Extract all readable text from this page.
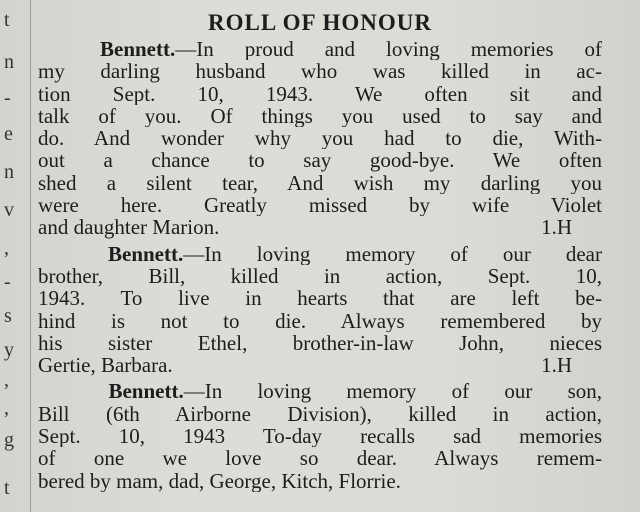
t
n
-
e
n
v
,
-
s
y
,
,
g
t
ROLL OF HONOUR
Bennett.—In proud and loving memories of
my darling husband who was killed in ac-
tion Sept. 10, 1943. We often sit and
talk of you. Of things you used to say and
do. And wonder why you had to die, With-
out a chance to say good-bye. We often
shed a silent tear, And wish my darling you
were here. Greatly missed by wife Violet
and daughter Marion.	1.H
Bennett.—In loving memory of our dear
brother, Bill, killed in action, Sept. 10,
1943. To live in hearts that are left be-
hind is not to die. Always remembered by
his sister Ethel, brother-in-law John, nieces
Gertie, Barbara.	1.H
Bennett.—In loving memory of our son,
Bill (6th Airborne Division), killed in action,
Sept. 10, 1943 To-day recalls sad memories
of one we love so dear. Always remem-
bered by mam, dad, George, Kitch, Florrie.
